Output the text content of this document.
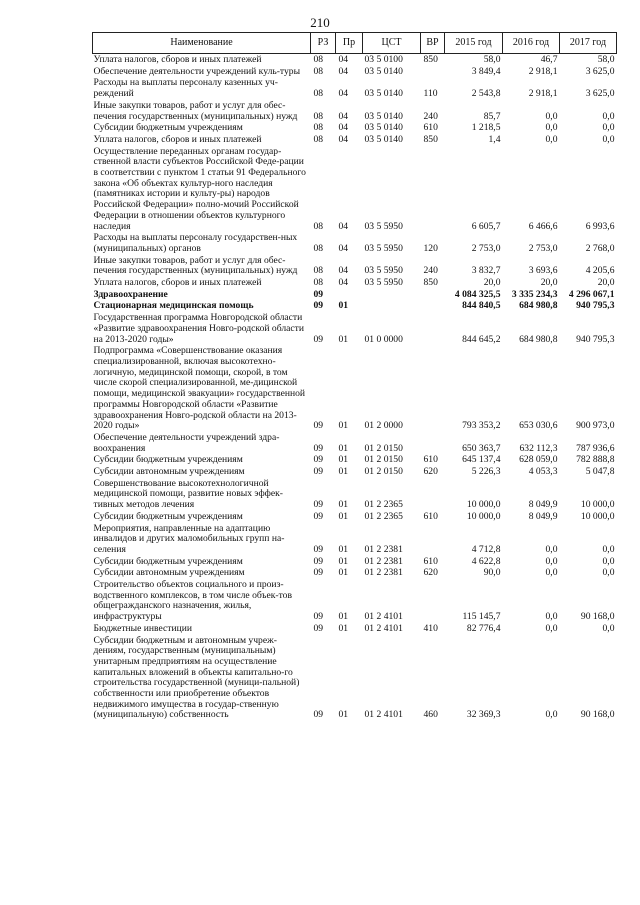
210
Наименование	РЗ	Пр	ЦСТ	ВР	2015 год	2016 год	2017 год
Уплата налогов, сборов и иных платежей	08	04	03 5 0100	850	58,0	46,7	58,0
Обеспечение деятельности учреждений куль-туры	08	04	03 5 0140		3 849,4	2 918,1	3 625,0
Расходы на выплаты персоналу казенных уч-реждений	08	04	03 5 0140	110	2 543,8	2 918,1	3 625,0
Иные закупки товаров, работ и услуг для обес-печения государственных (муниципальных) нужд	08	04	03 5 0140	240	85,7	0,0	0,0
Субсидии бюджетным учреждениям	08	04	03 5 0140	610	1 218,5	0,0	0,0
Уплата налогов, сборов и иных платежей	08	04	03 5 0140	850	1,4	0,0	0,0
Осуществление переданных органам государ-ственной власти субъектов Российской Феде-рации в соответствии с пунктом 1 статьи 91 Федерального закона «Об объектах культур-ного наследия (памятниках истории и культу-ры) народов Российской Федерации» полно-мочий Российской Федерации в отношении объектов культурного наследия	08	04	03 5 5950		6 605,7	6 466,6	6 993,6
Расходы на выплаты персоналу государствен-ных (муниципальных) органов	08	04	03 5 5950	120	2 753,0	2 753,0	2 768,0
Иные закупки товаров, работ и услуг для обес-печения государственных (муниципальных) нужд	08	04	03 5 5950	240	3 832,7	3 693,6	4 205,6
Уплата налогов, сборов и иных платежей	08	04	03 5 5950	850	20,0	20,0	20,0
Здравоохранение	09				4 084 325,5	3 335 234,3	4 296 067,1
Стационарная медицинская помощь	09	01			844 840,5	684 980,8	940 795,3
Государственная программа Новгородской области «Развитие здравоохранения Новго-родской области на 2013-2020 годы»	09	01	01 0 0000		844 645,2	684 980,8	940 795,3
Подпрограмма «Совершенствование оказания специализированной, включая высокотехно-логичную, медицинской помощи, скорой, в том числе скорой специализированной, ме-дицинской помощи, медицинской эвакуации» государственной программы Новгородской области «Развитие здравоохранения Новго-родской области на 2013-2020 годы»	09	01	01 2 0000		793 353,2	653 030,6	900 973,0
Обеспечение деятельности учреждений здра-воохранения	09	01	01 2 0150		650 363,7	632 112,3	787 936,6
Субсидии бюджетным учреждениям	09	01	01 2 0150	610	645 137,4	628 059,0	782 888,8
Субсидии автономным учреждениям	09	01	01 2 0150	620	5 226,3	4 053,3	5 047,8
Совершенствование высокотехнологичной медицинской помощи, развитие новых эффек-тивных методов лечения	09	01	01 2 2365		10 000,0	8 049,9	10 000,0
Субсидии бюджетным учреждениям	09	01	01 2 2365	610	10 000,0	8 049,9	10 000,0
Мероприятия, направленные на адаптацию инвалидов и других маломобильных групп на-селения	09	01	01 2 2381		4 712,8	0,0	0,0
Субсидии бюджетным учреждениям	09	01	01 2 2381	610	4 622,8	0,0	0,0
Субсидии автономным учреждениям	09	01	01 2 2381	620	90,0	0,0	0,0
Строительство объектов социального и произ-водственного комплексов, в том числе объек-тов общегражданского назначения, жилья, инфраструктуры	09	01	01 2 4101		115 145,7	0,0	90 168,0
Бюджетные инвестиции	09	01	01 2 4101	410	82 776,4	0,0	0,0
Субсидии бюджетным и автономным учреж-дениям, государственным (муниципальным) унитарным предприятиям на осуществление капитальных вложений в объекты капитально-го строительства государственной (муници-пальной) собственности или приобретение объектов недвижимого имущества в государ-ственную (муниципальную) собственность	09	01	01 2 4101	460	32 369,3	0,0	90 168,0
